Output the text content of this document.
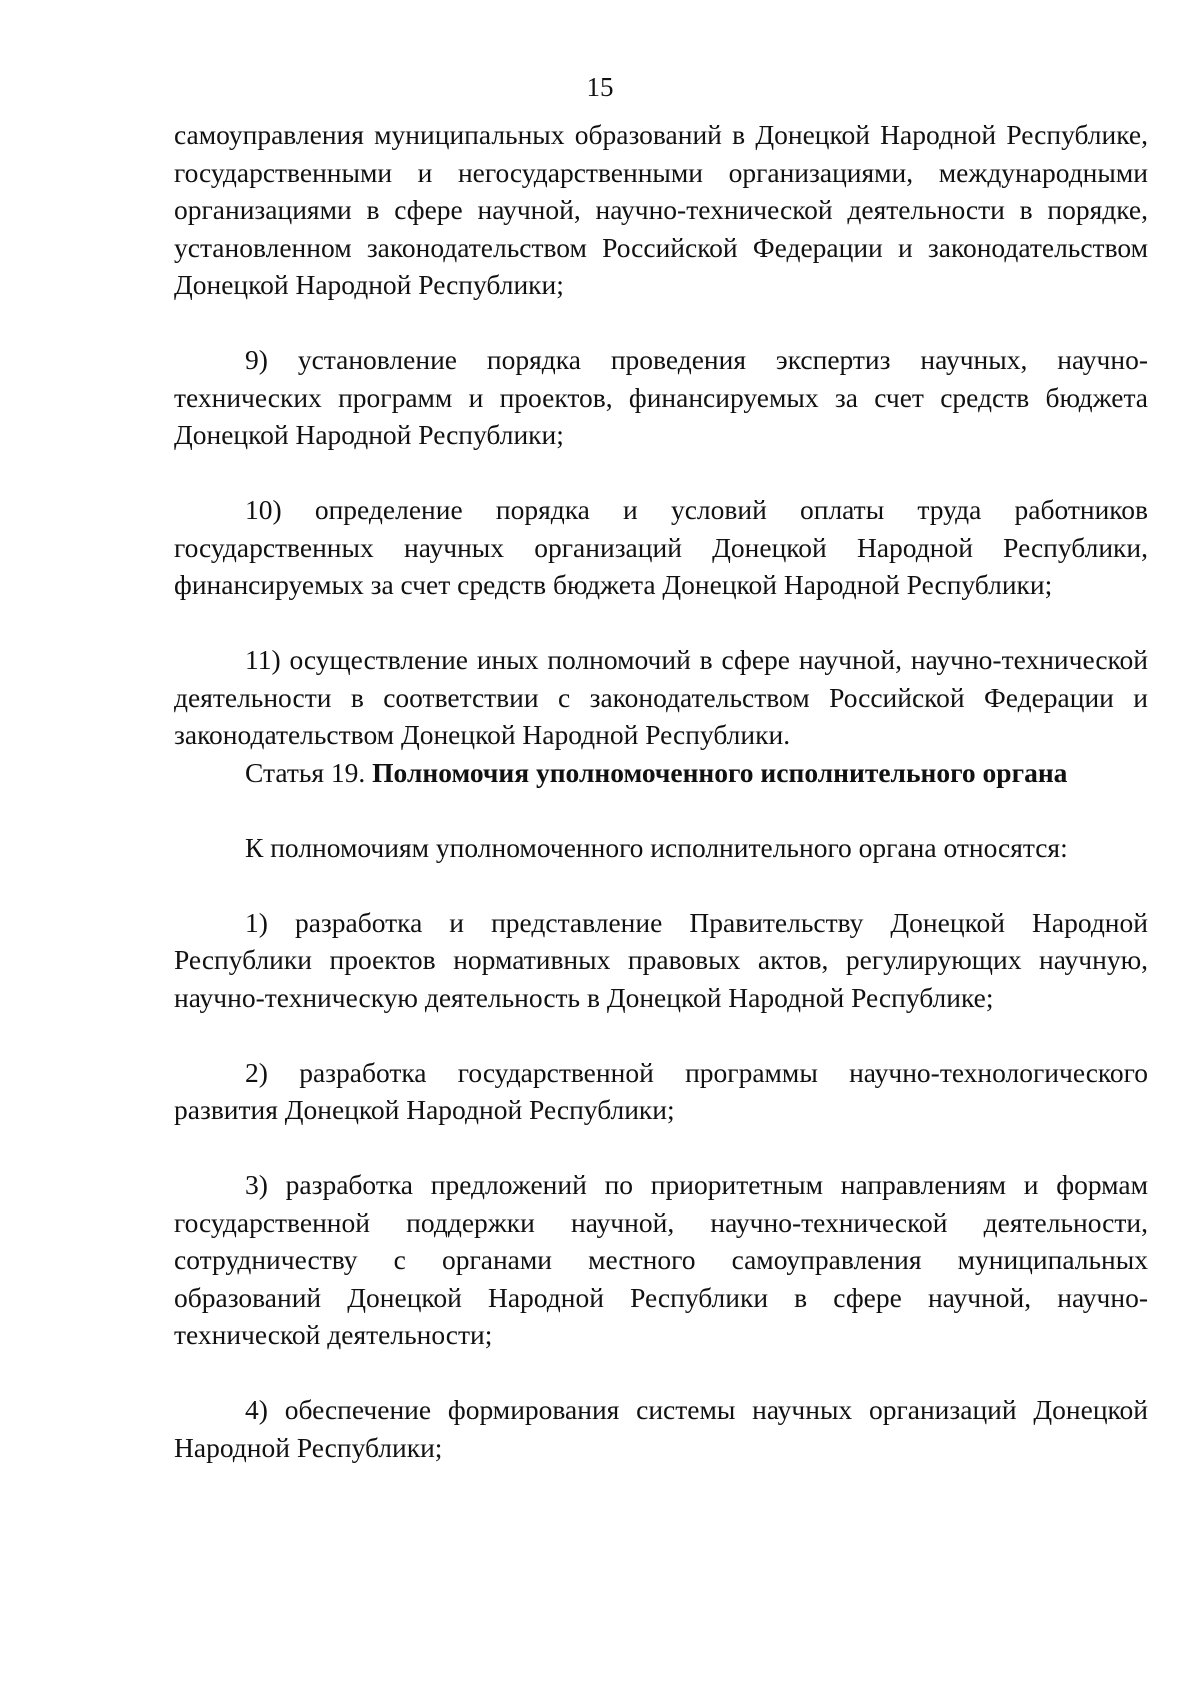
15

самоуправления муниципальных образований в Донецкой Народной Республике, государственными и негосударственными организациями, международными организациями в сфере научной, научно-технической деятельности в порядке, установленном законодательством Российской Федерации и законодательством Донецкой Народной Республики;

9) установление порядка проведения экспертиз научных, научно-технических программ и проектов, финансируемых за счет средств бюджета Донецкой Народной Республики;

10) определение порядка и условий оплаты труда работников государственных научных организаций Донецкой Народной Республики, финансируемых за счет средств бюджета Донецкой Народной Республики;

11) осуществление иных полномочий в сфере научной, научно-технической деятельности в соответствии с законодательством Российской Федерации и законодательством Донецкой Народной Республики.

Статья 19. Полномочия уполномоченного исполнительного органа

К полномочиям уполномоченного исполнительного органа относятся:

1) разработка и представление Правительству Донецкой Народной Республики проектов нормативных правовых актов, регулирующих научную, научно-техническую деятельность в Донецкой Народной Республике;

2) разработка государственной программы научно-технологического развития Донецкой Народной Республики;

3) разработка предложений по приоритетным направлениям и формам государственной поддержки научной, научно-технической деятельности, сотрудничеству с органами местного самоуправления муниципальных образований Донецкой Народной Республики в сфере научной, научно-технической деятельности;

4) обеспечение формирования системы научных организаций Донецкой Народной Республики;
